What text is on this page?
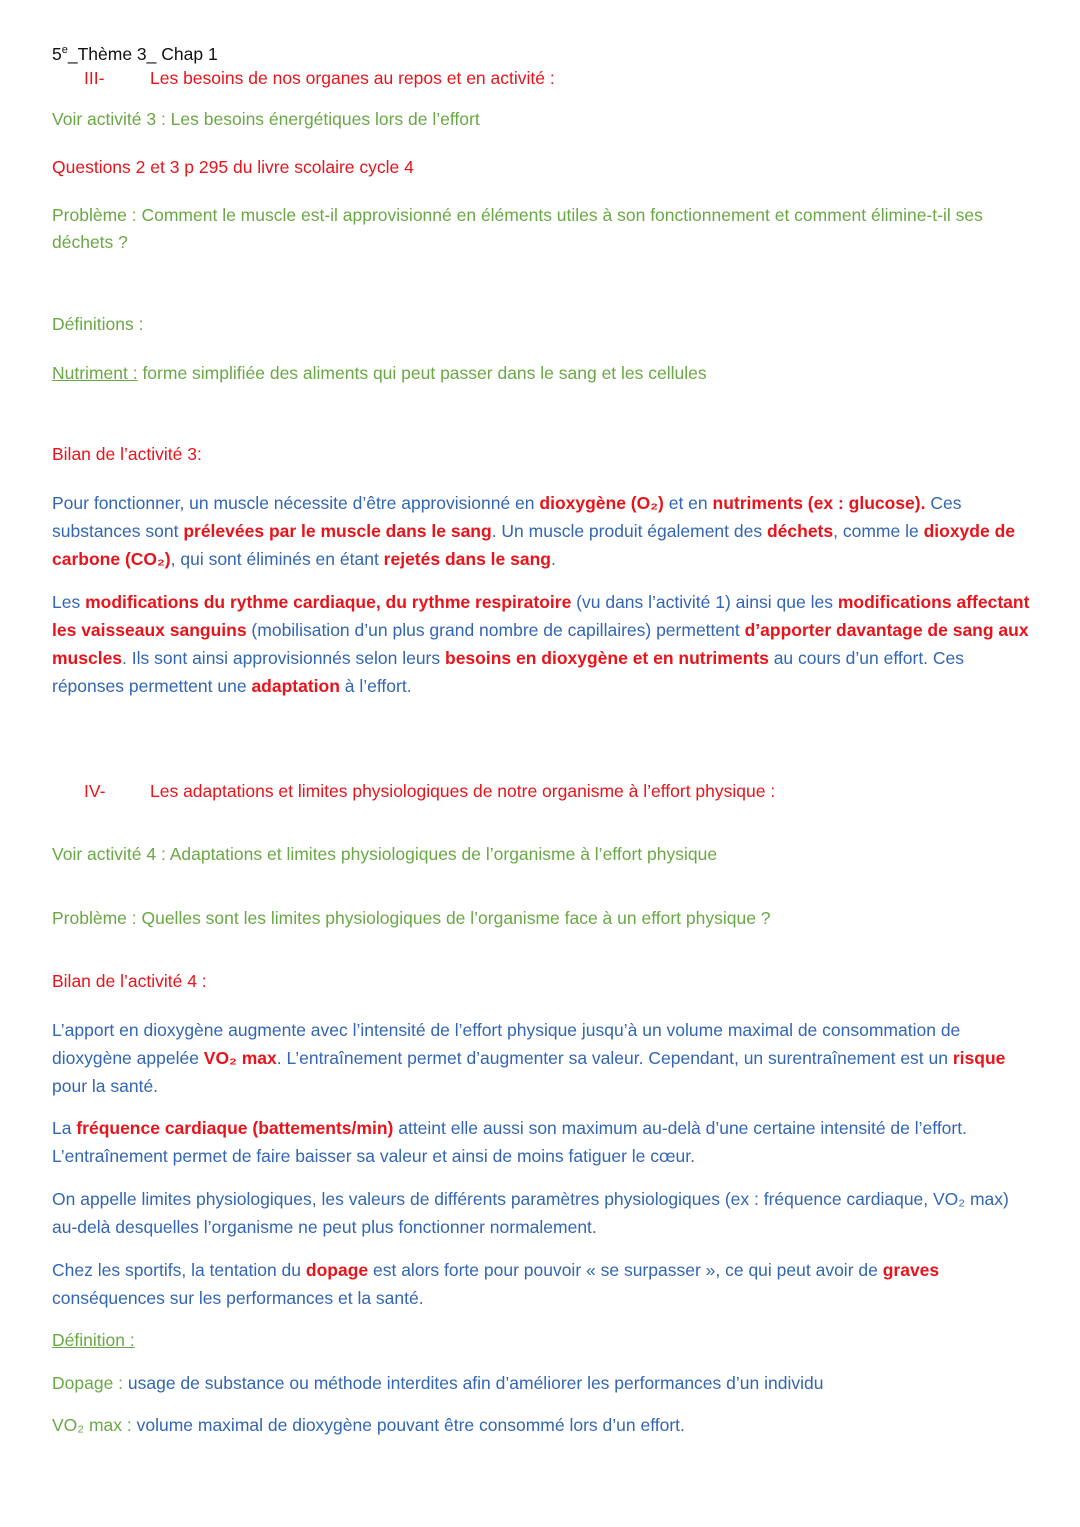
5e_Thème 3_ Chap 1
III-	Les besoins de nos organes au repos et en activité :
Voir activité 3 : Les besoins énergétiques lors de l’effort
Questions 2 et 3 p 295 du livre scolaire cycle 4
Problème : Comment le muscle est-il approvisionné en éléments utiles à son fonctionnement et comment élimine-t-il ses déchets ?
Définitions :
Nutriment : forme simplifiée des aliments qui peut passer dans le sang et les cellules
Bilan de l’activité 3:
Pour fonctionner, un muscle nécessite d’être approvisionné en dioxygène (O₂) et en nutriments (ex : glucose). Ces substances sont prélevées par le muscle dans le sang. Un muscle produit également des déchets, comme le dioxyde de carbone (CO₂), qui sont éliminés en étant rejetés dans le sang.
Les modifications du rythme cardiaque, du rythme respiratoire (vu dans l’activité 1) ainsi que les modifications affectant les vaisseaux sanguins (mobilisation d’un plus grand nombre de capillaires) permettent d’apporter davantage de sang aux muscles. Ils sont ainsi approvisionnés selon leurs besoins en dioxygène et en nutriments au cours d’un effort. Ces réponses permettent une adaptation à l’effort.
IV-	Les adaptations et limites physiologiques de notre organisme à l’effort physique :
Voir activité 4 : Adaptations et limites physiologiques de l’organisme à l’effort physique
Problème : Quelles sont les limites physiologiques de l’organisme face à un effort physique ?
Bilan de l’activité 4 :
L’apport en dioxygène augmente avec l’intensité de l’effort physique jusqu’à un volume maximal de consommation de dioxygène appelée VO₂ max. L’entraînement permet d’augmenter sa valeur. Cependant, un surentraînement est un risque pour la santé.
La fréquence cardiaque (battements/min) atteint elle aussi son maximum au-delà d’une certaine intensité de l’effort. L’entraînement permet de faire baisser sa valeur et ainsi de moins fatiguer le cœur.
On appelle limites physiologiques, les valeurs de différents paramètres physiologiques (ex : fréquence cardiaque, VO₂ max) au-delà desquelles l’organisme ne peut plus fonctionner normalement.
Chez les sportifs, la tentation du dopage est alors forte pour pouvoir « se surpasser », ce qui peut avoir de graves conséquences sur les performances et la santé.
Définition :
Dopage : usage de substance ou méthode interdites afin d’améliorer les performances d’un individu
VO₂ max : volume maximal de dioxygène pouvant être consommé lors d’un effort.
